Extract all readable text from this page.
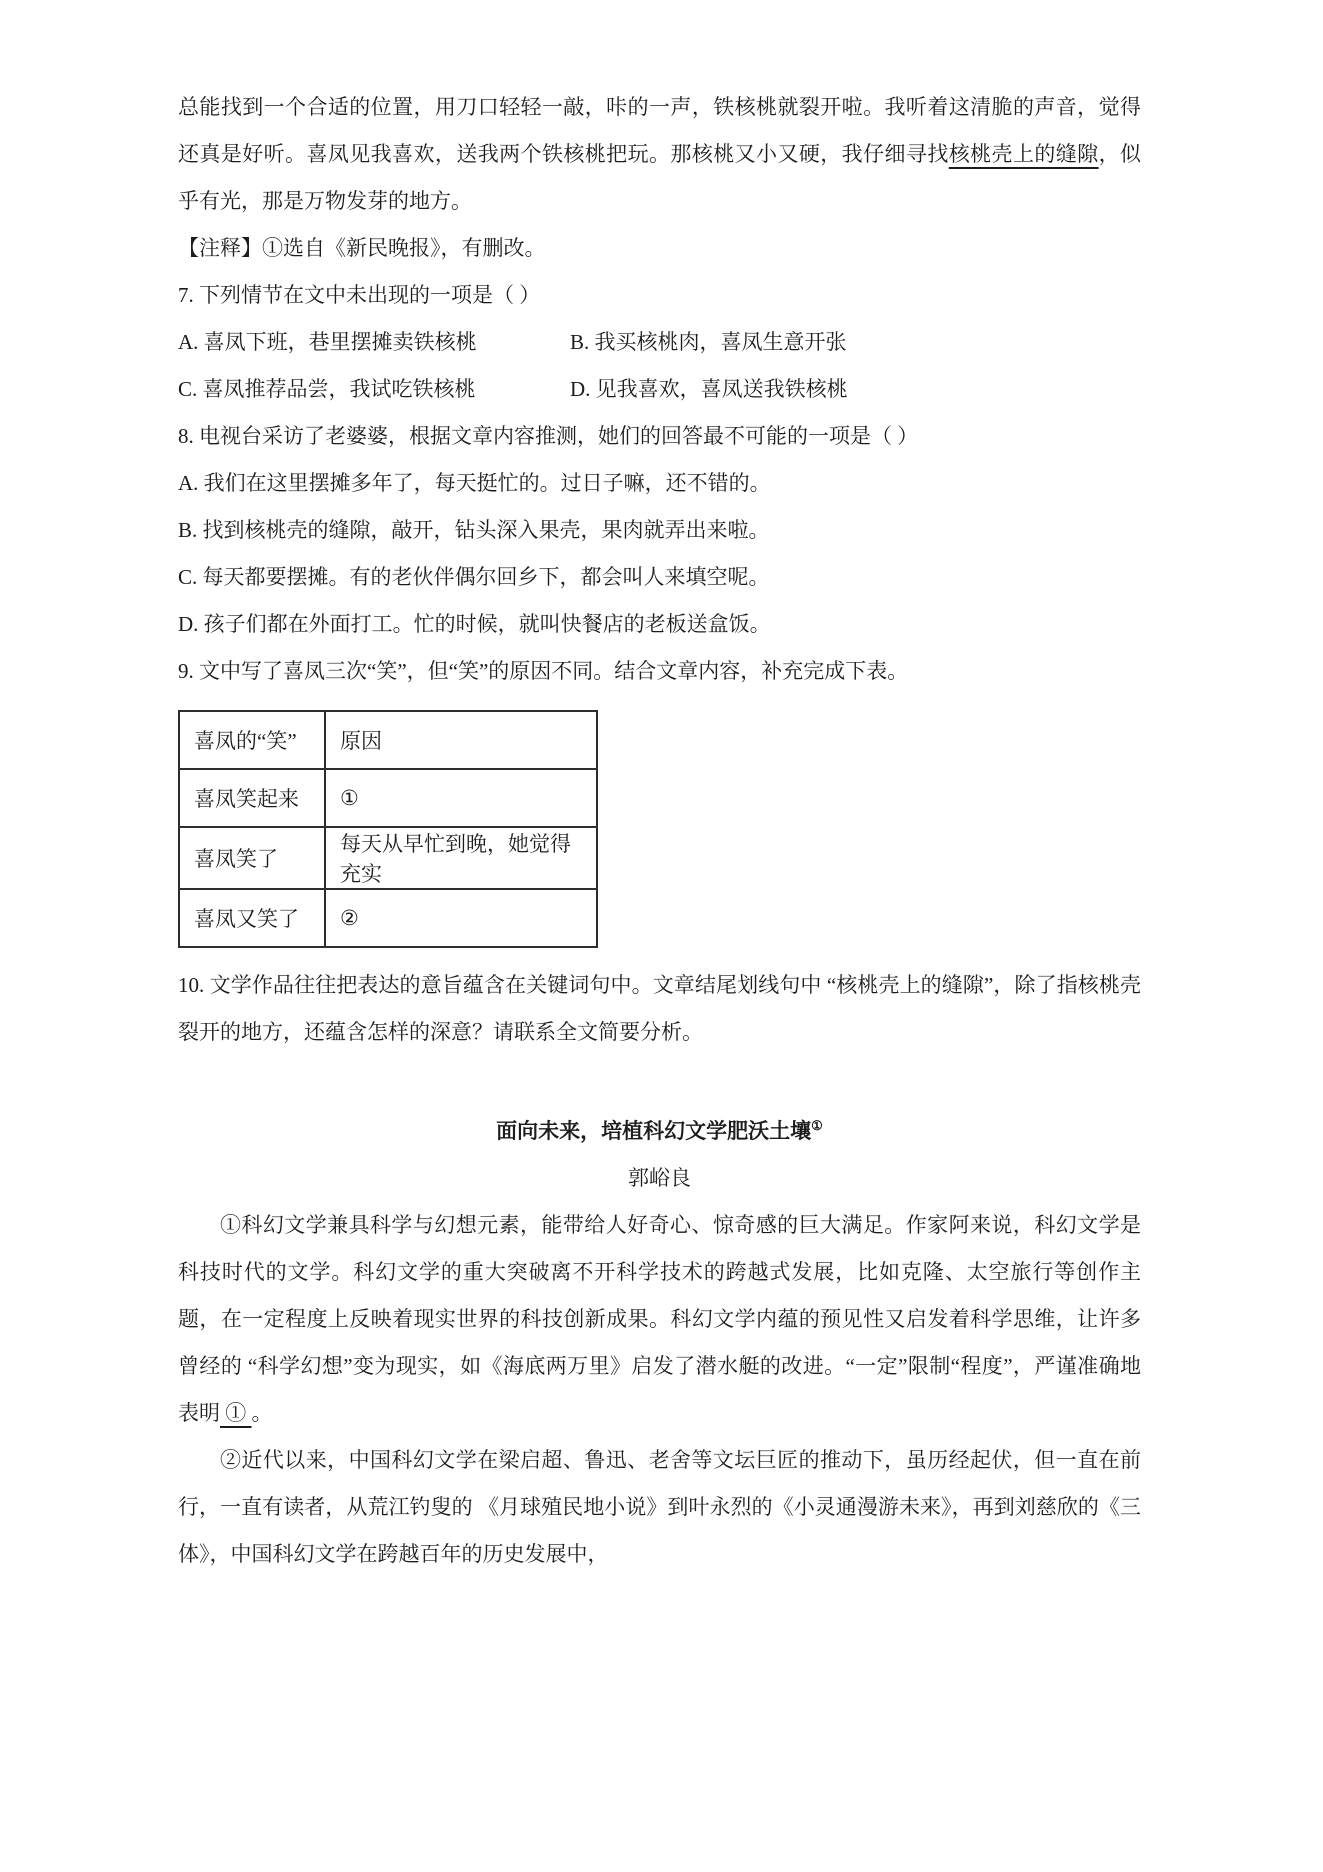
总能找到一个合适的位置，用刀口轻轻一敲，咔的一声，铁核桃就裂开啦。我听着这清脆的声音，觉得还真是好听。喜凤见我喜欢，送我两个铁核桃把玩。那核桃又小又硬，我仔细寻找核桃壳上的缝隙，似乎有光，那是万物发芽的地方。

【注释】①选自《新民晚报》，有删改。

7. 下列情节在文中未出现的一项是（ ）

A. 喜凤下班，巷里摆摊卖铁核桃	B. 我买核桃肉，喜凤生意开张
C. 喜凤推荐品尝，我试吃铁核桃	D. 见我喜欢，喜凤送我铁核桃

8. 电视台采访了老婆婆，根据文章内容推测，她们的回答最不可能的一项是（ ）

A. 我们在这里摆摊多年了，每天挺忙的。过日子嘛，还不错的。

B. 找到核桃壳的缝隙，敲开，钻头深入果壳，果肉就弄出来啦。

C. 每天都要摆摊。有的老伙伴偶尔回乡下，都会叫人来填空呢。

D. 孩子们都在外面打工。忙的时候，就叫快餐店的老板送盒饭。

9. 文中写了喜凤三次“笑”，但“笑”的原因不同。结合文章内容，补充完成下表。

喜凤的“笑”	原因
喜凤笑起来	①
喜凤笑了	每天从早忙到晚，她觉得充实
喜凤又笑了	②

10. 文学作品往往把表达的意旨蕴含在关键词句中。文章结尾划线句中 “核桃壳上的缝隙”，除了指核桃壳裂开的地方，还蕴含怎样的深意？请联系全文简要分析。

面向未来，培植科幻文学肥沃土壤①
郭峪良

①科幻文学兼具科学与幻想元素，能带给人好奇心、惊奇感的巨大满足。作家阿来说，科幻文学是科技时代的文学。科幻文学的重大突破离不开科学技术的跨越式发展，比如克隆、太空旅行等创作主题，在一定程度上反映着现实世界的科技创新成果。科幻文学内蕴的预见性又启发着科学思维，让许多曾经的 “科学幻想”变为现实，如《海底两万里》启发了潜水艇的改进。“一定”限制“程度”，严谨准确地表明 ① 。

②近代以来，中国科幻文学在梁启超、鲁迅、老舍等文坛巨匠的推动下，虽历经起伏，但一直在前行，一直有读者，从荒江钓叟的 《月球殖民地小说》到叶永烈的《小灵通漫游未来》，再到刘慈欣的《三体》，中国科幻文学在跨越百年的历史发展中，
